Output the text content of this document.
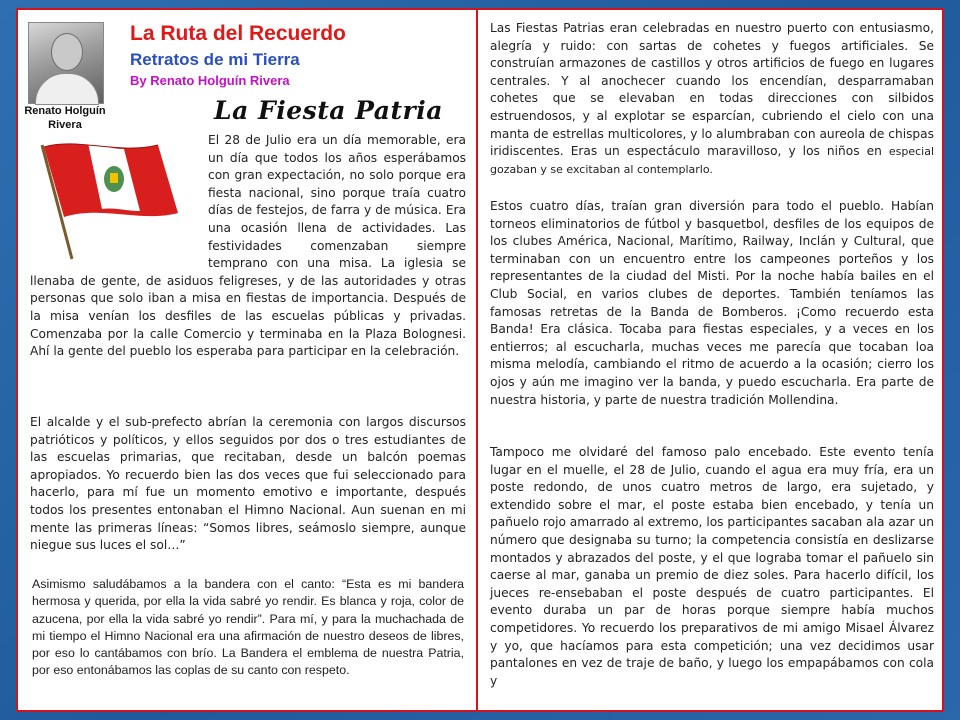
Renato Holguín Rivera
La Ruta del Recuerdo
Retratos de mi Tierra
By Renato Holguín Rivera
La Fiesta Patria

El 28 de Julio era un día memorable, era un día que todos los años esperábamos con gran expectación, no solo porque era fiesta nacional, sino porque traía cuatro días de festejos, de farra y de música. Era una ocasión llena de actividades. Las festividades comenzaban siempre temprano con una misa. La iglesia se llenaba de gente, de asiduos feligreses, y de las autoridades y otras personas que solo iban a misa en fiestas de importancia. Después de la misa venían los desfiles de las escuelas públicas y privadas. Comenzaba por la calle Comercio y terminaba en la Plaza Bolognesi. Ahí la gente del pueblo los esperaba para participar en la celebración.

El alcalde y el sub-prefecto abrían la ceremonia con largos discursos patrióticos y políticos, y ellos seguidos por dos o tres estudiantes de las escuelas primarias, que recitaban, desde un balcón poemas apropiados. Yo recuerdo bien las dos veces que fui seleccionado para hacerlo, para mí fue un momento emotivo e importante, después todos los presentes entonaban el Himno Nacional. Aun suenan en mi mente las primeras líneas: “Somos libres, seámoslo siempre, aunque niegue sus luces el sol…”

Asimismo saludábamos a la bandera con el canto: “Esta es mi bandera hermosa y querida, por ella la vida sabré yo rendir. Es blanca y roja, color de azucena, por ella la vida sabré yo rendir”. Para mí, y para la muchachada de mi tiempo el Himno Nacional era una afirmación de nuestro deseos de libres, por eso lo cantábamos con brío. La Bandera el emblema de nuestra Patria, por eso entonábamos las coplas de su canto con respeto.

Las Fiestas Patrias eran celebradas en nuestro puerto con entusiasmo, alegría y ruido: con sartas de cohetes y fuegos artificiales. Se construían armazones de castillos y otros artificios de fuego en lugares centrales. Y al anochecer cuando los encendían, desparramaban cohetes que se elevaban en todas direcciones con silbidos estruendosos, y al explotar se esparcían, cubriendo el cielo con una manta de estrellas multicolores, y lo alumbraban con aureola de chispas iridiscentes. Eras un espectáculo maravilloso, y los niños en especial gozaban y se excitaban al contemplarlo.

Estos cuatro días, traían gran diversión para todo el pueblo. Habían torneos eliminatorios de fútbol y basquetbol, desfiles de los equipos de los clubes América, Nacional, Marítimo, Railway, Inclán y Cultural, que terminaban con un encuentro entre los campeones porteños y los representantes de la ciudad del Misti. Por la noche había bailes en el Club Social, en varios clubes de deportes. También teníamos las famosas retretas de la Banda de Bomberos. ¡Como recuerdo esta Banda! Era clásica. Tocaba para fiestas especiales, y a veces en los entierros; al escucharla, muchas veces me parecía que tocaban loa misma melodía, cambiando el ritmo de acuerdo a la ocasión; cierro los ojos y aún me imagino ver la banda, y puedo escucharla. Era parte de nuestra historia, y parte de nuestra tradición Mollendina.

Tampoco me olvidaré del famoso palo encebado. Este evento tenía lugar en el muelle, el 28 de Julio, cuando el agua era muy fría, era un poste redondo, de unos cuatro metros de largo, era sujetado, y extendido sobre el mar, el poste estaba bien encebado, y tenía un pañuelo rojo amarrado al extremo, los participantes sacaban ala azar un número que designaba su turno; la competencia consistía en deslizarse montados y abrazados del poste, y el que lograba tomar el pañuelo sin caerse al mar, ganaba un premio de diez soles. Para hacerlo difícil, los jueces re-ensebaban el poste después de cuatro participantes. El evento duraba un par de horas porque siempre había muchos competidores. Yo recuerdo los preparativos de mi amigo Misael Álvarez y yo, que hacíamos para esta competición; una vez decidimos usar pantalones en vez de traje de baño, y luego los empapábamos con cola y
